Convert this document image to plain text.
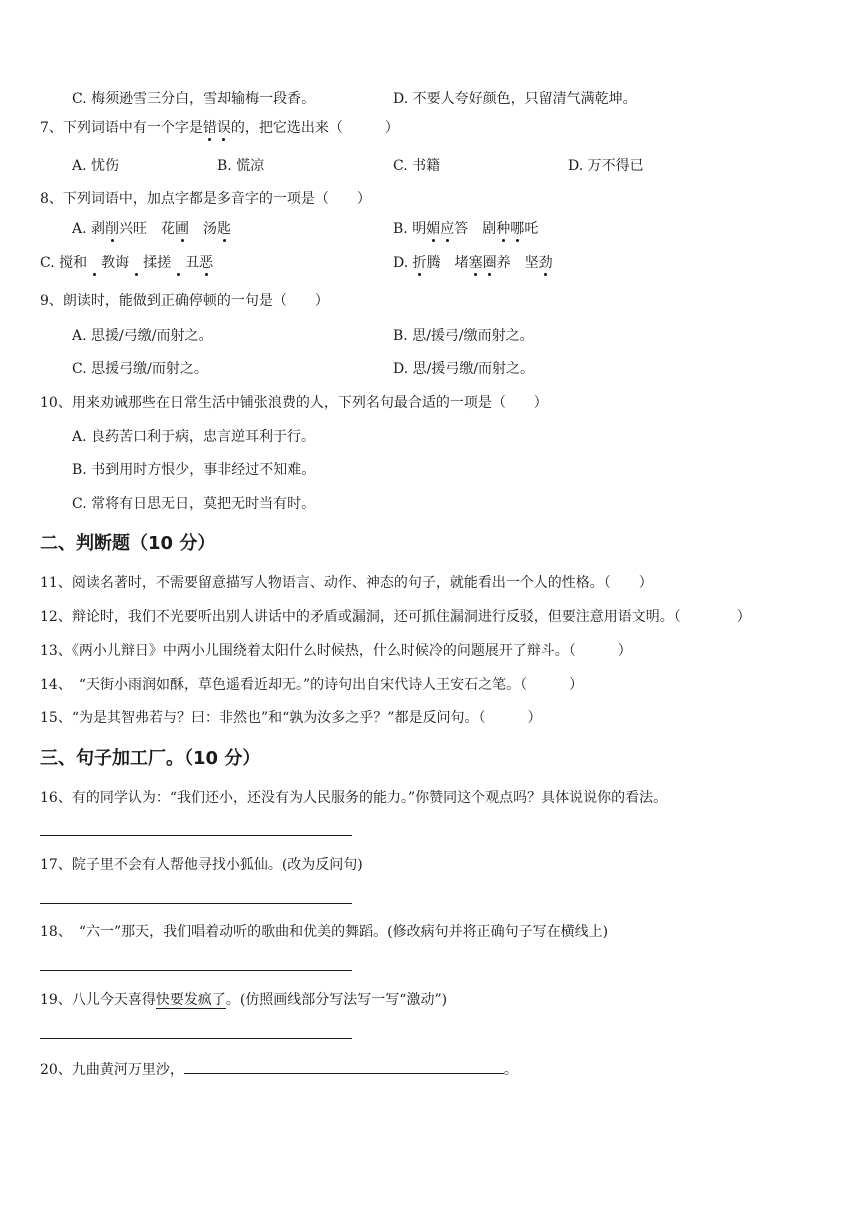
C. 梅须逊雪三分白，雪却输梅一段香。	D. 不要人夸好颜色，只留清气满乾坤。
7、下列词语中有一个字是错误的，把它选出来（　　　）
A. 忧伤	B. 慌凉	C. 书籍	D. 万不得已
8、下列词语中，加点字都是多音字的一项是（　　）
A. 剥削兴旺　花圃　汤匙	B. 明媚应答　剧种哪吒
C. 搅和　教诲　揉搓　丑恶	D. 折腾　堵塞圈养　坚劲
9、朗读时，能做到正确停顿的一句是（　　）
A. 思援/弓缴/而射之。	B. 思/援弓/缴而射之。
C. 思援弓缴/而射之。	D. 思/援弓缴/而射之。
10、用来劝诫那些在日常生活中铺张浪费的人，下列名句最合适的一项是（　　）
A. 良药苦口利于病，忠言逆耳利于行。
B. 书到用时方恨少，事非经过不知难。
C. 常将有日思无日，莫把无时当有时。
二、判断题（10 分）
11、阅读名著时，不需要留意描写人物语言、动作、神态的句子，就能看出一个人的性格。（　　）
12、辩论时，我们不光要听出别人讲话中的矛盾或漏洞，还可抓住漏洞进行反驳，但要注意用语文明。（　　　　）
13、《两小儿辩日》中两小儿围绕着太阳什么时候热，什么时候冷的问题展开了辩斗。（　　　）
14、　“天街小雨润如酥，草色遥看近却无。”的诗句出自宋代诗人王安石之笔。（　　　）
15、“为是其智弗若与？曰：非然也”和“孰为汝多之乎？”都是反问句。（　　　）
三、句子加工厂。（10 分）
16、有的同学认为：“我们还小，还没有为人民服务的能力。”你赞同这个观点吗？具体说说你的看法。
17、院子里不会有人帮他寻找小狐仙。(改为反问句)
18、　“六一”那天，我们唱着动听的歌曲和优美的舞蹈。(修改病句并将正确句子写在横线上)
19、八儿今天喜得快要发疯了。(仿照画线部分写法写一写“激动”)
20、九曲黄河万里沙，	。
